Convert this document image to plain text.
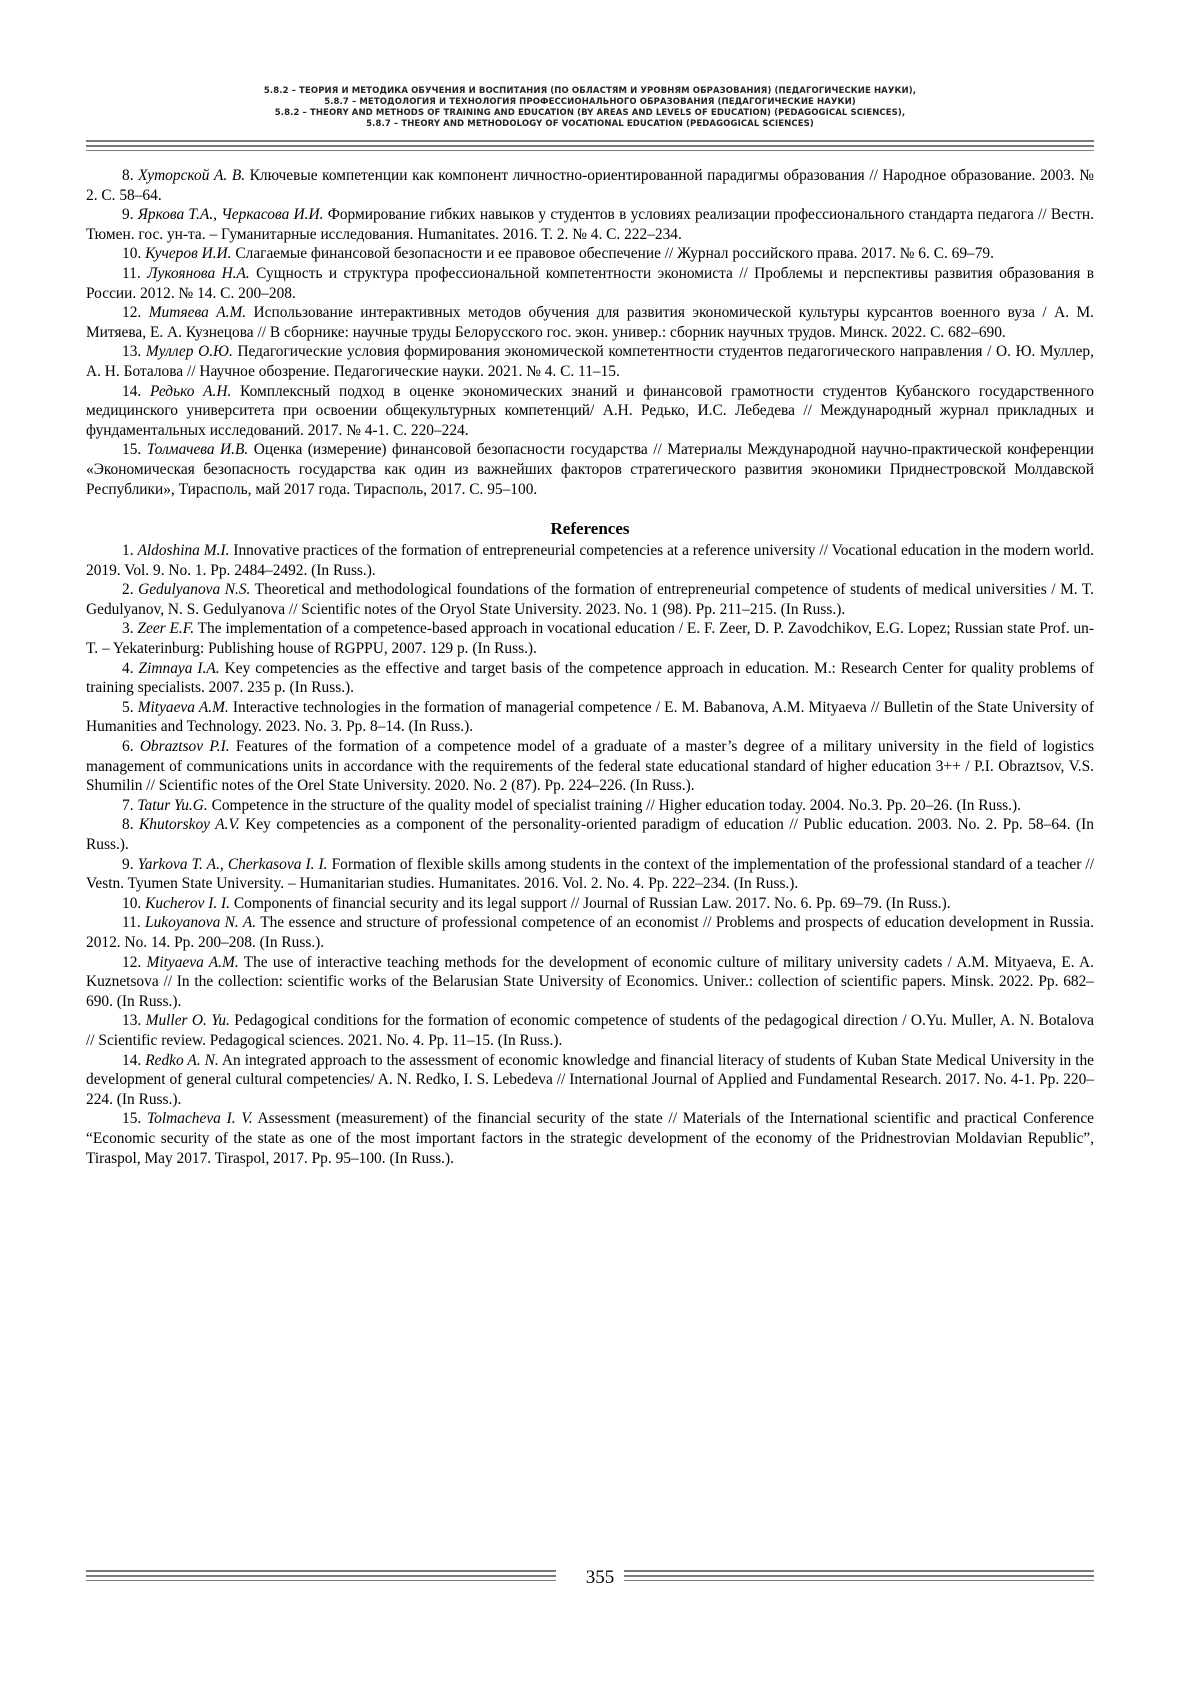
5.8.2 – ТЕОРИЯ И МЕТОДИКА ОБУЧЕНИЯ И ВОСПИТАНИЯ (ПО ОБЛАСТЯМ И УРОВНЯМ ОБРАЗОВАНИЯ) (ПЕДАГОГИЧЕСКИЕ НАУКИ),
5.8.7 – МЕТОДОЛОГИЯ И ТЕХНОЛОГИЯ ПРОФЕССИОНАЛЬНОГО ОБРАЗОВАНИЯ (ПЕДАГОГИЧЕСКИЕ НАУКИ)
5.8.2 – THEORY AND METHODS OF TRAINING AND EDUCATION (BY AREAS AND LEVELS OF EDUCATION) (PEDAGOGICAL SCIENCES),
5.8.7 – THEORY AND METHODOLOGY OF VOCATIONAL EDUCATION (PEDAGOGICAL SCIENCES)

8. Хуторской А. В. Ключевые компетенции как компонент личностно-ориентированной парадигмы образования // Народное образование. 2003. № 2. С. 58–64.

9. Яркова Т.А., Черкасова И.И. Формирование гибких навыков у студентов в условиях реализации профессионального стандарта педагога // Вестн. Тюмен. гос. ун-та. – Гуманитарные исследования. Humanitates. 2016. Т. 2. № 4. С. 222–234.

10. Кучеров И.И. Слагаемые финансовой безопасности и ее правовое обеспечение // Журнал российского права. 2017. № 6. С. 69–79.

11. Лукоянова Н.А. Сущность и структура профессиональной компетентности экономиста // Проблемы и перспективы развития образования в России. 2012. № 14. С. 200–208.

12. Митяева А.М. Использование интерактивных методов обучения для развития экономической культуры курсантов военного вуза / А. М. Митяева, Е. А. Кузнецова // В сборнике: научные труды Белорусского гос. экон. универ.: сборник научных трудов. Минск. 2022. С. 682–690.

13. Муллер О.Ю. Педагогические условия формирования экономической компетентности студентов педагогического направления / О. Ю. Муллер, А. Н. Боталова // Научное обозрение. Педагогические науки. 2021. № 4. С. 11–15.

14. Редько А.Н. Комплексный подход в оценке экономических знаний и финансовой грамотности студентов Кубанского государственного медицинского университета при освоении общекультурных компетенций/ А.Н. Редько, И.С. Лебедева // Международный журнал прикладных и фундаментальных исследований. 2017. № 4-1. С. 220–224.

15. Толмачева И.В. Оценка (измерение) финансовой безопасности государства // Материалы Международной научно-практической конференции «Экономическая безопасность государства как один из важнейших факторов стратегического развития экономики Приднестровской Молдавской Республики», Тирасполь, май 2017 года. Тирасполь, 2017. С. 95–100.

References

1. Aldoshina M.I. Innovative practices of the formation of entrepreneurial competencies at a reference university // Vocational education in the modern world. 2019. Vol. 9. No. 1. Pp. 2484–2492. (In Russ.).

2. Gedulyanova N.S. Theoretical and methodological foundations of the formation of entrepreneurial competence of students of medical universities / M. T. Gedulyanov, N. S. Gedulyanova // Scientific notes of the Oryol State University. 2023. No. 1 (98). Pp. 211–215. (In Russ.).

3. Zeer E.F. The implementation of a competence-based approach in vocational education / E. F. Zeer, D. P. Zavodchikov, E.G. Lopez; Russian state Prof. un-T. – Yekaterinburg: Publishing house of RGPPU, 2007. 129 p. (In Russ.).

4. Zimnaya I.A. Key competencies as the effective and target basis of the competence approach in education. M.: Research Center for quality problems of training specialists. 2007. 235 p. (In Russ.).

5. Mityaeva A.M. Interactive technologies in the formation of managerial competence / E. M. Babanova, A.M. Mityaeva // Bulletin of the State University of Humanities and Technology. 2023. No. 3. Pp. 8–14. (In Russ.).

6. Obraztsov P.I. Features of the formation of a competence model of a graduate of a master’s degree of a military university in the field of logistics management of communications units in accordance with the requirements of the federal state educational standard of higher education 3++ / P.I. Obraztsov, V.S. Shumilin // Scientific notes of the Orel State University. 2020. No. 2 (87). Pp. 224–226. (In Russ.).

7. Tatur Yu.G. Competence in the structure of the quality model of specialist training // Higher education today. 2004. No.3. Pp. 20–26. (In Russ.).

8. Khutorskoy A.V. Key competencies as a component of the personality-oriented paradigm of education // Public education. 2003. No. 2. Pp. 58–64. (In Russ.).

9. Yarkova T. A., Cherkasova I. I. Formation of flexible skills among students in the context of the implementation of the professional standard of a teacher // Vestn. Tyumen State University. – Humanitarian studies. Humanitates. 2016. Vol. 2. No. 4. Pp. 222–234. (In Russ.).

10. Kucherov I. I. Components of financial security and its legal support // Journal of Russian Law. 2017. No. 6. Pp. 69–79. (In Russ.).

11. Lukoyanova N. A. The essence and structure of professional competence of an economist // Problems and prospects of education development in Russia. 2012. No. 14. Pp. 200–208. (In Russ.).

12. Mityaeva A.M. The use of interactive teaching methods for the development of economic culture of military university cadets / A.M. Mityaeva, E. A. Kuznetsova // In the collection: scientific works of the Belarusian State University of Economics. Univer.: collection of scientific papers. Minsk. 2022. Pp. 682–690. (In Russ.).

13. Muller O. Yu. Pedagogical conditions for the formation of economic competence of students of the pedagogical direction / O.Yu. Muller, A. N. Botalova // Scientific review. Pedagogical sciences. 2021. No. 4. Pp. 11–15. (In Russ.).

14. Redko A. N. An integrated approach to the assessment of economic knowledge and financial literacy of students of Kuban State Medical University in the development of general cultural competencies/ A. N. Redko, I. S. Lebedeva // International Journal of Applied and Fundamental Research. 2017. No. 4-1. Pp. 220–224. (In Russ.).

15. Tolmacheva I. V. Assessment (measurement) of the financial security of the state // Materials of the International scientific and practical Conference “Economic security of the state as one of the most important factors in the strategic development of the economy of the Pridnestrovian Moldavian Republic”, Tiraspol, May 2017. Tiraspol, 2017. Pp. 95–100. (In Russ.).

355
